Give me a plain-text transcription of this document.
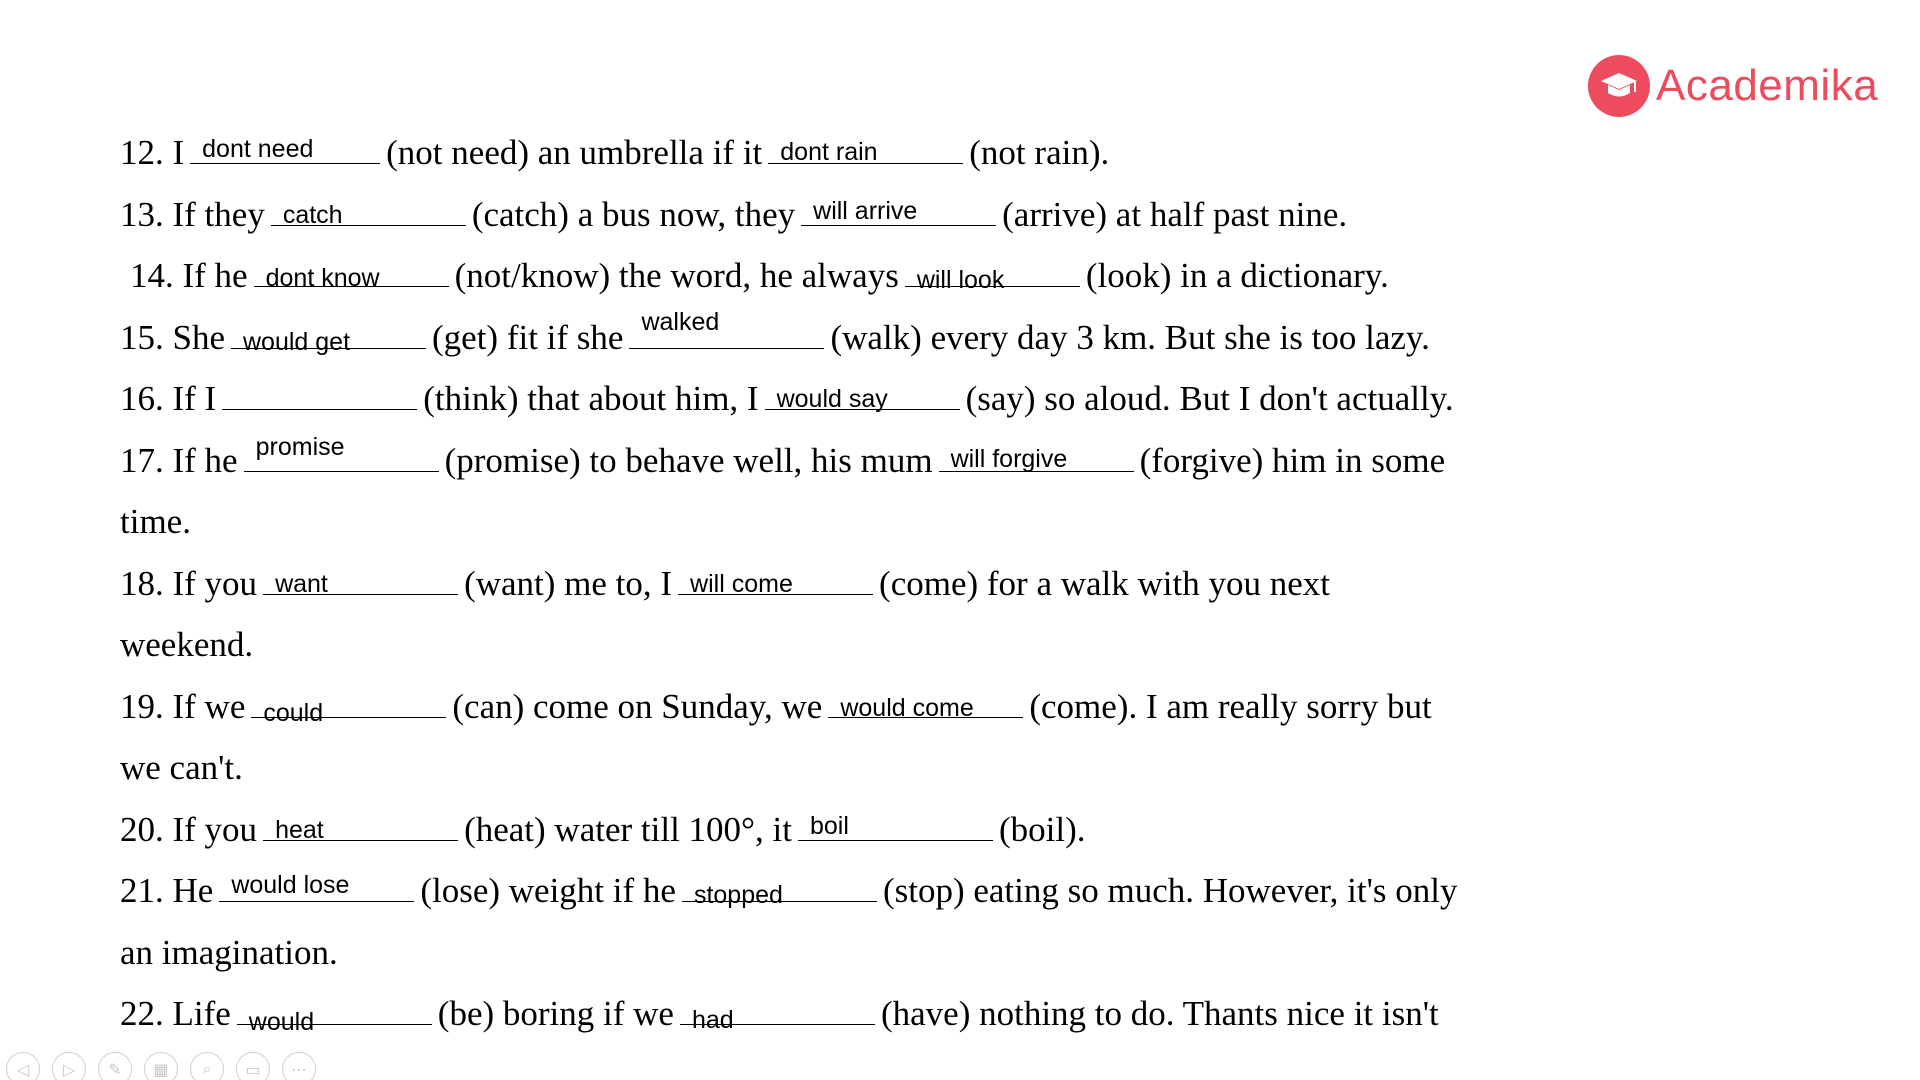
Academika
12. I dont need (not need) an umbrella if it dont rain	(not rain).
13. If they catch	(catch) a bus now, they will arrive (arrive) at half past nine.
14. If he dont know (not/know) the word, he always will look (look) in a dictionary.
15. She would get (get) fit if she walked	(walk) every day 3 km. But she is too lazy.
16. If I	(think) that about him, I would say (say) so aloud. But I don't actually.
17. If he promise	(promise) to behave well, his mum will forgive (forgive) him in some
time.
18. If you want	(want) me to, I will come (come) for a walk with you next
weekend.
19. If we could	(can) come on Sunday, we would come (come). I am really sorry but
we can't.
20. If you heat	(heat) water till 100°, it boil	(boil).
21. He would lose (lose) weight if he stopped	(stop) eating so much. However, it's only
an imagination.
22. Life would	(be) boring if we had	(have) nothing to do. Thants nice it isn't
◁ ▷ ✎ ▦ ⌕ ▭ ⋯
